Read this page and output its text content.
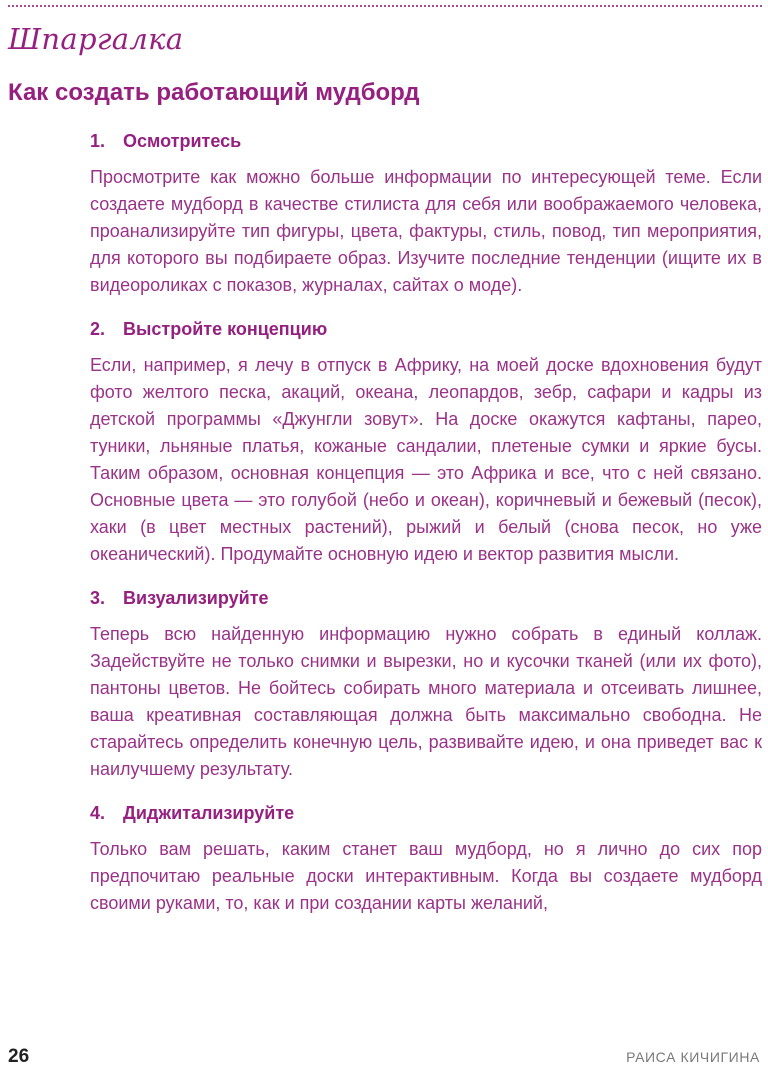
Шпаргалка
Как создать работающий мудборд
1. Осмотритесь

Просмотрите как можно больше информации по интересующей теме. Если создаете мудборд в качестве стилиста для себя или воображаемого человека, проанализируйте тип фигуры, цвета, фактуры, стиль, повод, тип мероприятия, для которого вы подбираете образ. Изучите последние тенденции (ищите их в видеороликах с показов, журналах, сайтах о моде).

2. Выстройте концепцию

Если, например, я лечу в отпуск в Африку, на моей доске вдохновения будут фото желтого песка, акаций, океана, леопардов, зебр, сафари и кадры из детской программы «Джунгли зовут». На доске окажутся кафтаны, парео, туники, льняные платья, кожаные сандалии, плетеные сумки и яркие бусы. Таким образом, основная концепция — это Африка и все, что с ней связано. Основные цвета — это голубой (небо и океан), коричневый и бежевый (песок), хаки (в цвет местных растений), рыжий и белый (снова песок, но уже океанический). Продумайте основную идею и вектор развития мысли.

3. Визуализируйте

Теперь всю найденную информацию нужно собрать в единый коллаж. Задействуйте не только снимки и вырезки, но и кусочки тканей (или их фото), пантоны цветов. Не бойтесь собирать много материала и отсеивать лишнее, ваша креативная составляющая должна быть максимально свободна. Не старайтесь определить конечную цель, развивайте идею, и она приведет вас к наилучшему результату.

4. Диджитализируйте

Только вам решать, каким станет ваш мудборд, но я лично до сих пор предпочитаю реальные доски интерактивным. Когда вы создаете мудборд своими руками, то, как и при создании карты желаний,

26	РАИСА КИЧИГИНА
